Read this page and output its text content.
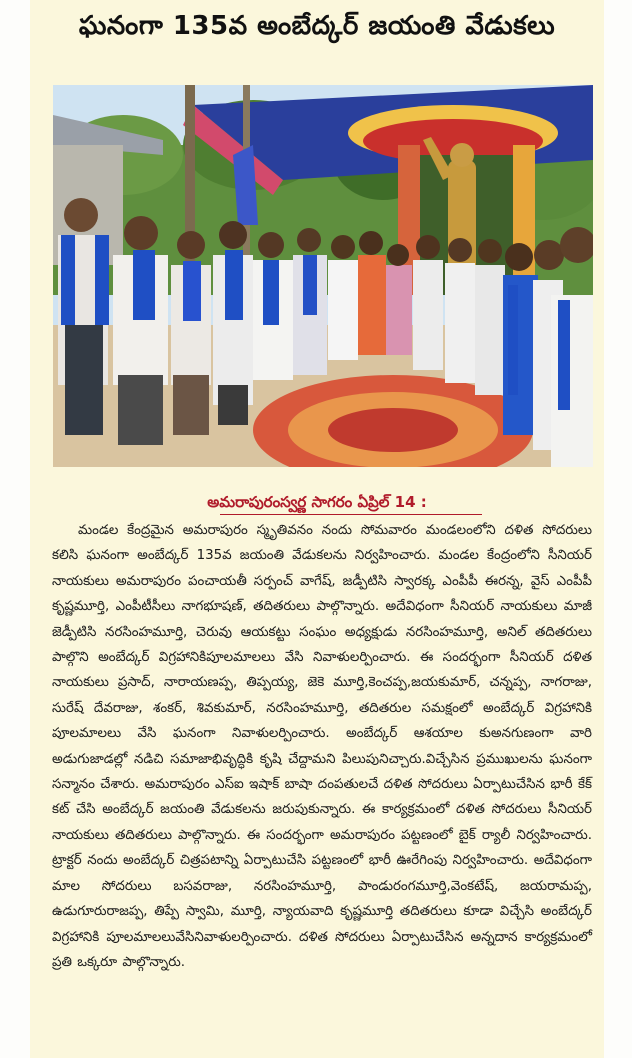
ఘనంగా 135వ అంబేద్కర్ జయంతి వేడుకలు
అమరాపురంస్వర్ణ సాగరం ఏప్రిల్ 14 :
మండల కేంద్రమైన అమరాపురం స్మృతివనం నందు సోమవారం మండలంలోని దళిత సోదరులు కలిసి ఘనంగా అంబేద్కర్ 135వ జయంతి వేడుకలను నిర్వహించారు. మండల కేంద్రంలోని సీనియర్ నాయకులు అమరాపురం పంచాయతీ సర్పంచ్ వాగేష్, జడ్పీటిసి స్వారక్క ఎంపీపీ ఈరన్న, వైస్ ఎంపీపీ కృష్ణమూర్తి, ఎంపీటీసీలు నాగభూషణ్, తదితరులు పాల్గొన్నారు. అదేవిధంగా సీనియర్ నాయకులు మాజీ జెడ్పీటిసి నరసింహమూర్తి, చెరువు ఆయకట్టు సంఘం అధ్యక్షుడు నరసింహమూర్తి, అనిల్ తదితరులు పాల్గొని అంబేద్కర్ విగ్రహానికిపూలమాలలు వేసి నివాళులర్పించారు. ఈ సందర్భంగా సీనియర్ దళిత నాయకులు ప్రసాద్, నారాయణప్ప, తిప్పయ్య, జెకె మూర్తి,కెంచప్ప,జయకుమార్, చన్నప్ప, నాగరాజు, సురేష్ దేవరాజు, శంకర్, శివకుమార్, నరసింహమూర్తి, తదితరుల సమక్షంలో అంబేద్కర్ విగ్రహానికి పూలమాలలు వేసి ఘనంగా నివాళులర్పించారు. అంబేద్కర్ ఆశయాల కుఅనగుణంగా వారి అడుగుజాడల్లో నడిచి సమాజాభివృద్ధికి కృషి చేద్దామని పిలుపునిచ్చారు.విచ్చేసిన ప్రముఖులను ఘనంగా సన్మానం చేశారు. అమరాపురం ఎస్ఐ ఇషాక్ బాషా దంపతులచే దళిత సోదరులు ఏర్పాటుచేసిన భారీ కేక్ కట్ చేసి అంబేద్కర్ జయంతి వేడుకలను జరుపుకున్నారు. ఈ కార్యక్రమంలో దళిత సోదరులు సీనియర్ నాయకులు తదితరులు పాల్గొన్నారు. ఈ సందర్భంగా అమరాపురం పట్టణంలో బైక్ ర్యాలీ నిర్వహించారు. ట్రాక్టర్ నందు అంబేద్కర్ చిత్రపటాన్ని ఏర్పాటుచేసి పట్టణంలో భారీ ఊరేగింపు నిర్వహించారు. అదేవిధంగా మాల సోదరులు బసవరాజు, నరసింహమూర్తి, పాండురంగమూర్తి,వెంకటేష్, జయరామప్ప, ఉడుగూరురాజప్ప, తిప్పే స్వామి, మూర్తి, న్యాయవాది కృష్ణమూర్తి తదితరులు కూడా విచ్చేసి అంబేద్కర్ విగ్రహానికి పూలమాలలువేసినివాళులర్పించారు. దళిత సోదరులు ఏర్పాటుచేసిన అన్నదాన కార్యక్రమంలో ప్రతి ఒక్కరూ పాల్గొన్నారు.
